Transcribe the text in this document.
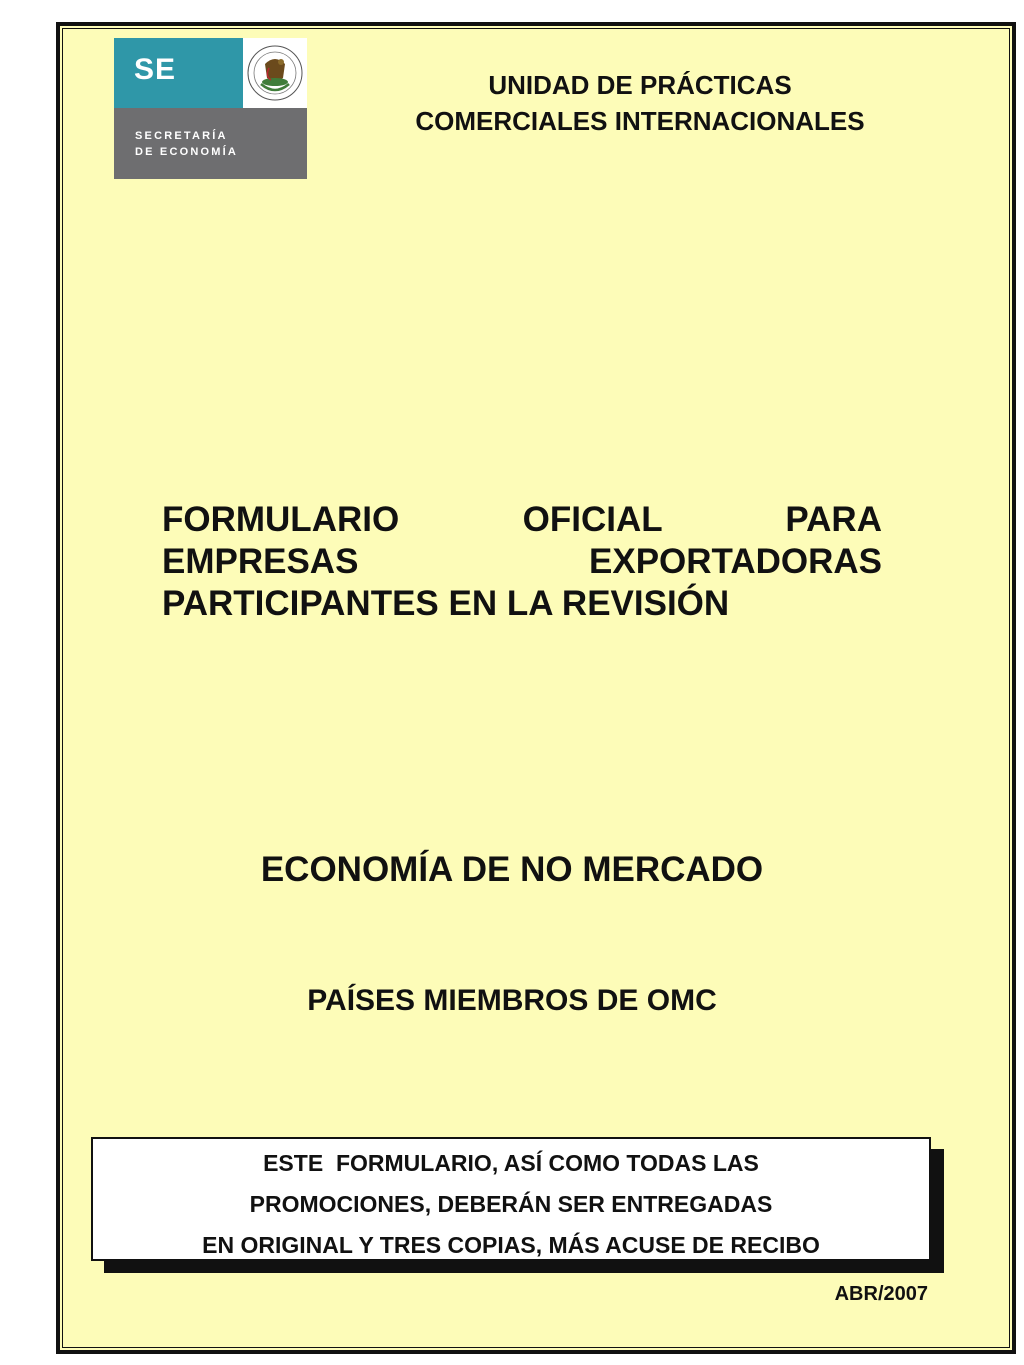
SE
SECRETARÍA
DE ECONOMÍA
UNIDAD DE PRÁCTICAS
COMERCIALES INTERNACIONALES
FORMULARIO OFICIAL PARA
EMPRESAS EXPORTADORAS
PARTICIPANTES EN LA REVISIÓN
ECONOMÍA DE NO MERCADO
PAÍSES MIEMBROS DE OMC
ESTE  FORMULARIO, ASÍ COMO TODAS LAS
PROMOCIONES, DEBERÁN SER ENTREGADAS
EN ORIGINAL Y TRES COPIAS, MÁS ACUSE DE RECIBO
ABR/2007
